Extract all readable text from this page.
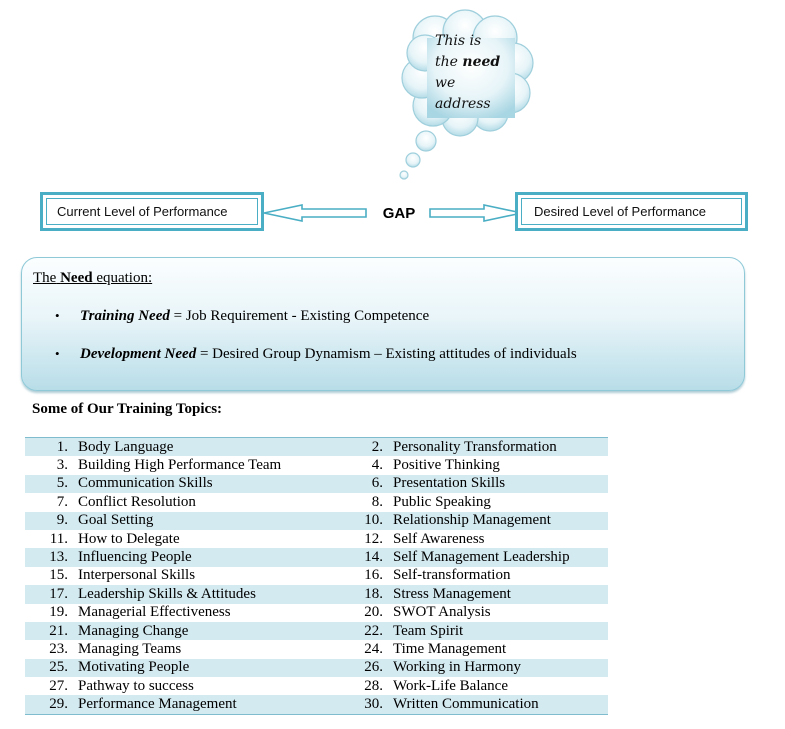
This is
the need
we
address
Current Level of Performance	GAP	Desired Level of Performance
The Need equation:
• Training Need = Job Requirement - Existing Competence
• Development Need = Desired Group Dynamism – Existing attitudes of individuals
Some of Our Training Topics:
1. Body Language	2. Personality Transformation
3. Building High Performance Team	4. Positive Thinking
5. Communication Skills	6. Presentation Skills
7. Conflict Resolution	8. Public Speaking
9. Goal Setting	10. Relationship Management
11. How to Delegate	12. Self Awareness
13. Influencing People	14. Self Management Leadership
15. Interpersonal Skills	16. Self-transformation
17. Leadership Skills & Attitudes	18. Stress Management
19. Managerial Effectiveness	20. SWOT Analysis
21. Managing Change	22. Team Spirit
23. Managing Teams	24. Time Management
25. Motivating People	26. Working in Harmony
27. Pathway to success	28. Work-Life Balance
29. Performance Management	30. Written Communication
